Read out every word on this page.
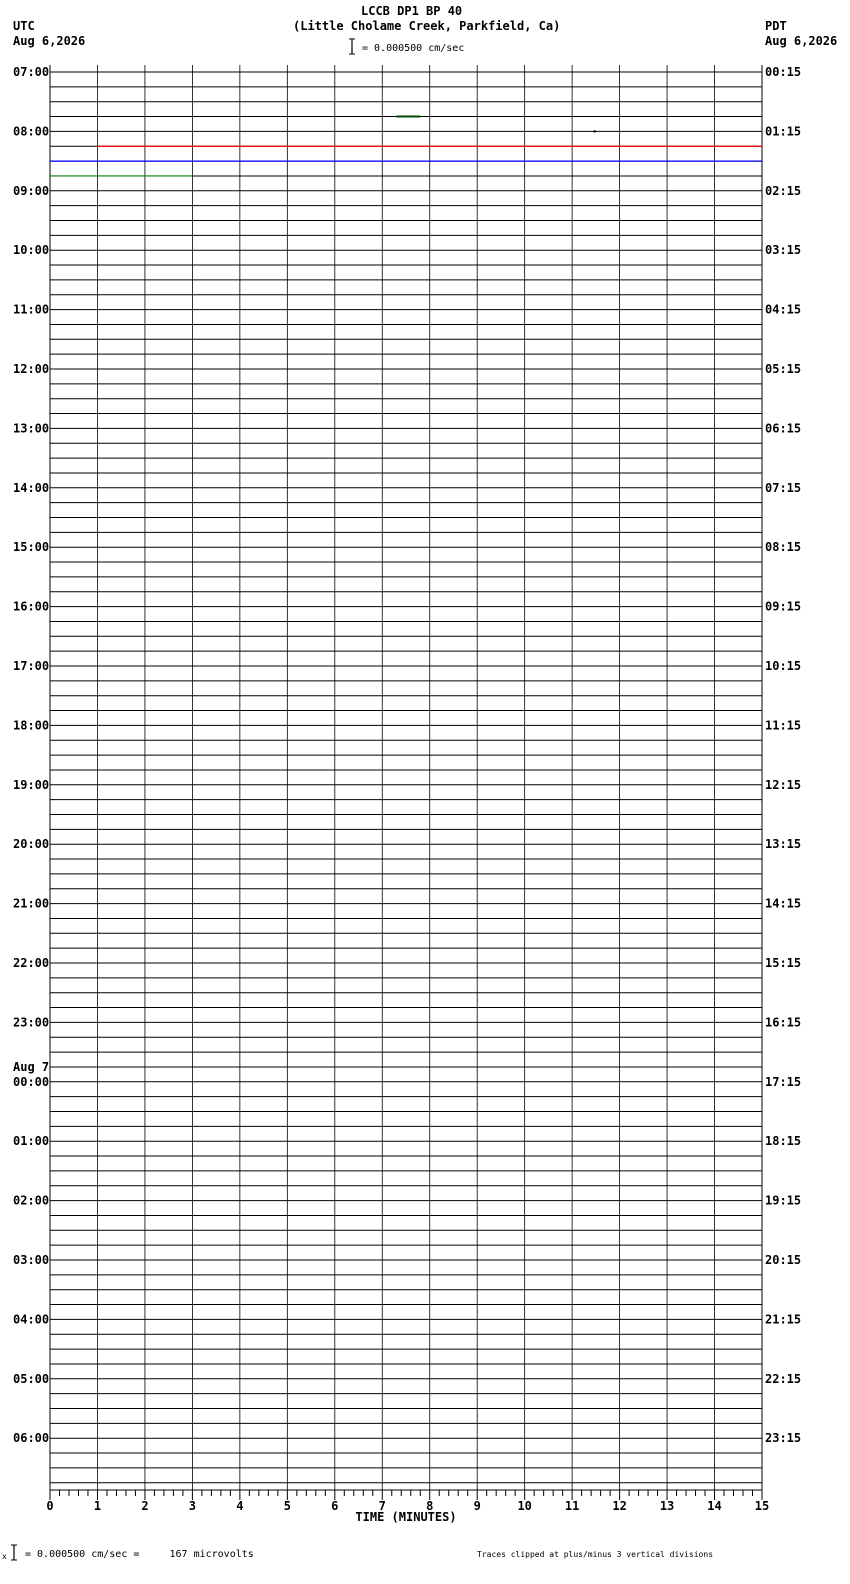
LCCB DP1 BP 40
(Little Cholame Creek, Parkfield, Ca)
UTC
Aug 6,2026
PDT
Aug 6,2026
= 0.000500 cm/sec
07:00
08:00
09:00
10:00
11:00
12:00
13:00
14:00
15:00
16:00
17:00
18:00
19:00
20:00
21:00
22:00
23:00
00:00
01:00
02:00
03:00
04:00
05:00
06:00
00:15
01:15
02:15
03:15
04:15
05:15
06:15
07:15
08:15
09:15
10:15
11:15
12:15
13:15
14:15
15:15
16:15
17:15
18:15
19:15
20:15
21:15
22:15
23:15
Aug 7
0	1	2	3	4	5	6	7	8	9	10	11	12	13	14	15
TIME (MINUTES)
x = 0.000500 cm/sec =     167 microvolts	Traces clipped at plus/minus 3 vertical divisions
